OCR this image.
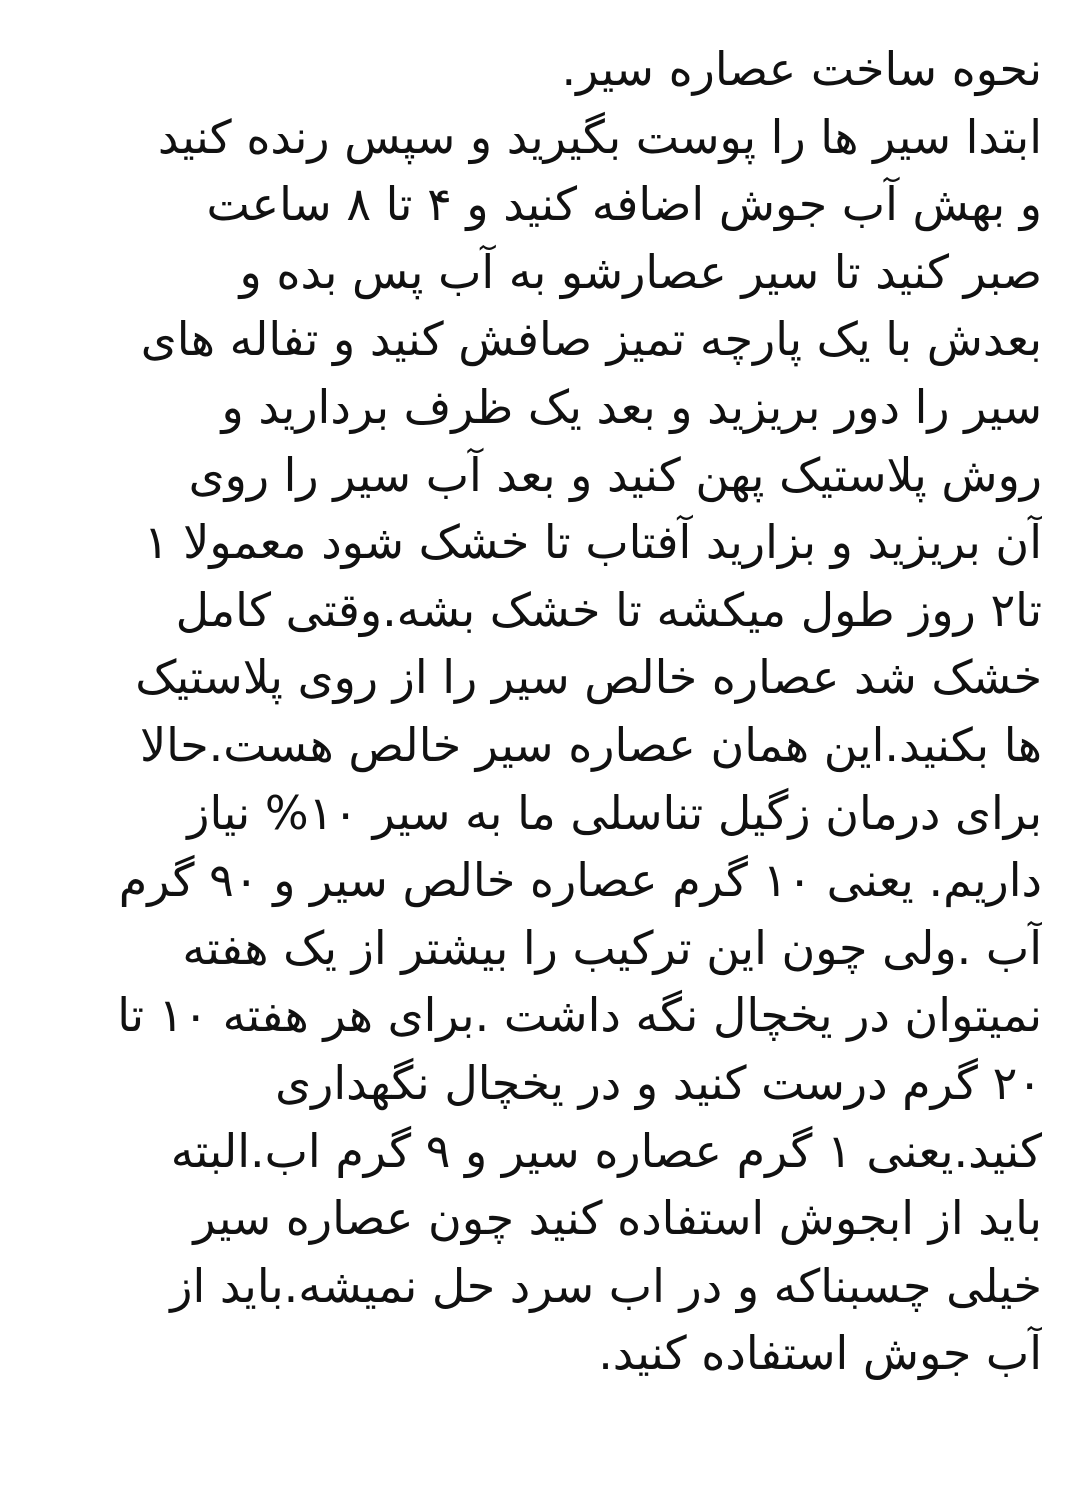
نحوه ساخت عصاره سیر.
ابتدا سیر ها را پوست بگیرید و سپس رنده کنید
و بهش آب جوش اضافه کنید و ۴ تا ۸ ساعت
صبر کنید تا سیر عصارشو به آب پس بده و
بعدش با یک پارچه تمیز صافش کنید و تفاله های
سیر را دور بریزید و بعد یک ظرف بردارید و
روش پلاستیک پهن کنید و بعد آب سیر را روی
آن بریزید و بزارید آفتاب تا خشک شود معمولا ۱
تا۲ روز طول میکشه تا خشک بشه.وقتی کامل
خشک شد عصاره خالص سیر را از روی پلاستیک
ها بکنید.این همان عصاره سیر خالص هست.حالا
برای درمان زگیل تناسلی ما به سیر ۱۰% نیاز
داریم. یعنی ۱۰ گرم عصاره خالص سیر و ۹۰ گرم
آب .ولی چون این ترکیب را بیشتر از یک هفته
نمیتوان در یخچال نگه داشت .برای هر هفته ۱۰ تا
۲۰ گرم درست کنید و در یخچال نگهداری
کنید.یعنی ۱ گرم عصاره سیر و ۹ گرم اب.البته
باید از ابجوش استفاده کنید چون عصاره سیر
خیلی چسبناکه و در اب سرد حل نمیشه.باید از
آب جوش استفاده کنید.
